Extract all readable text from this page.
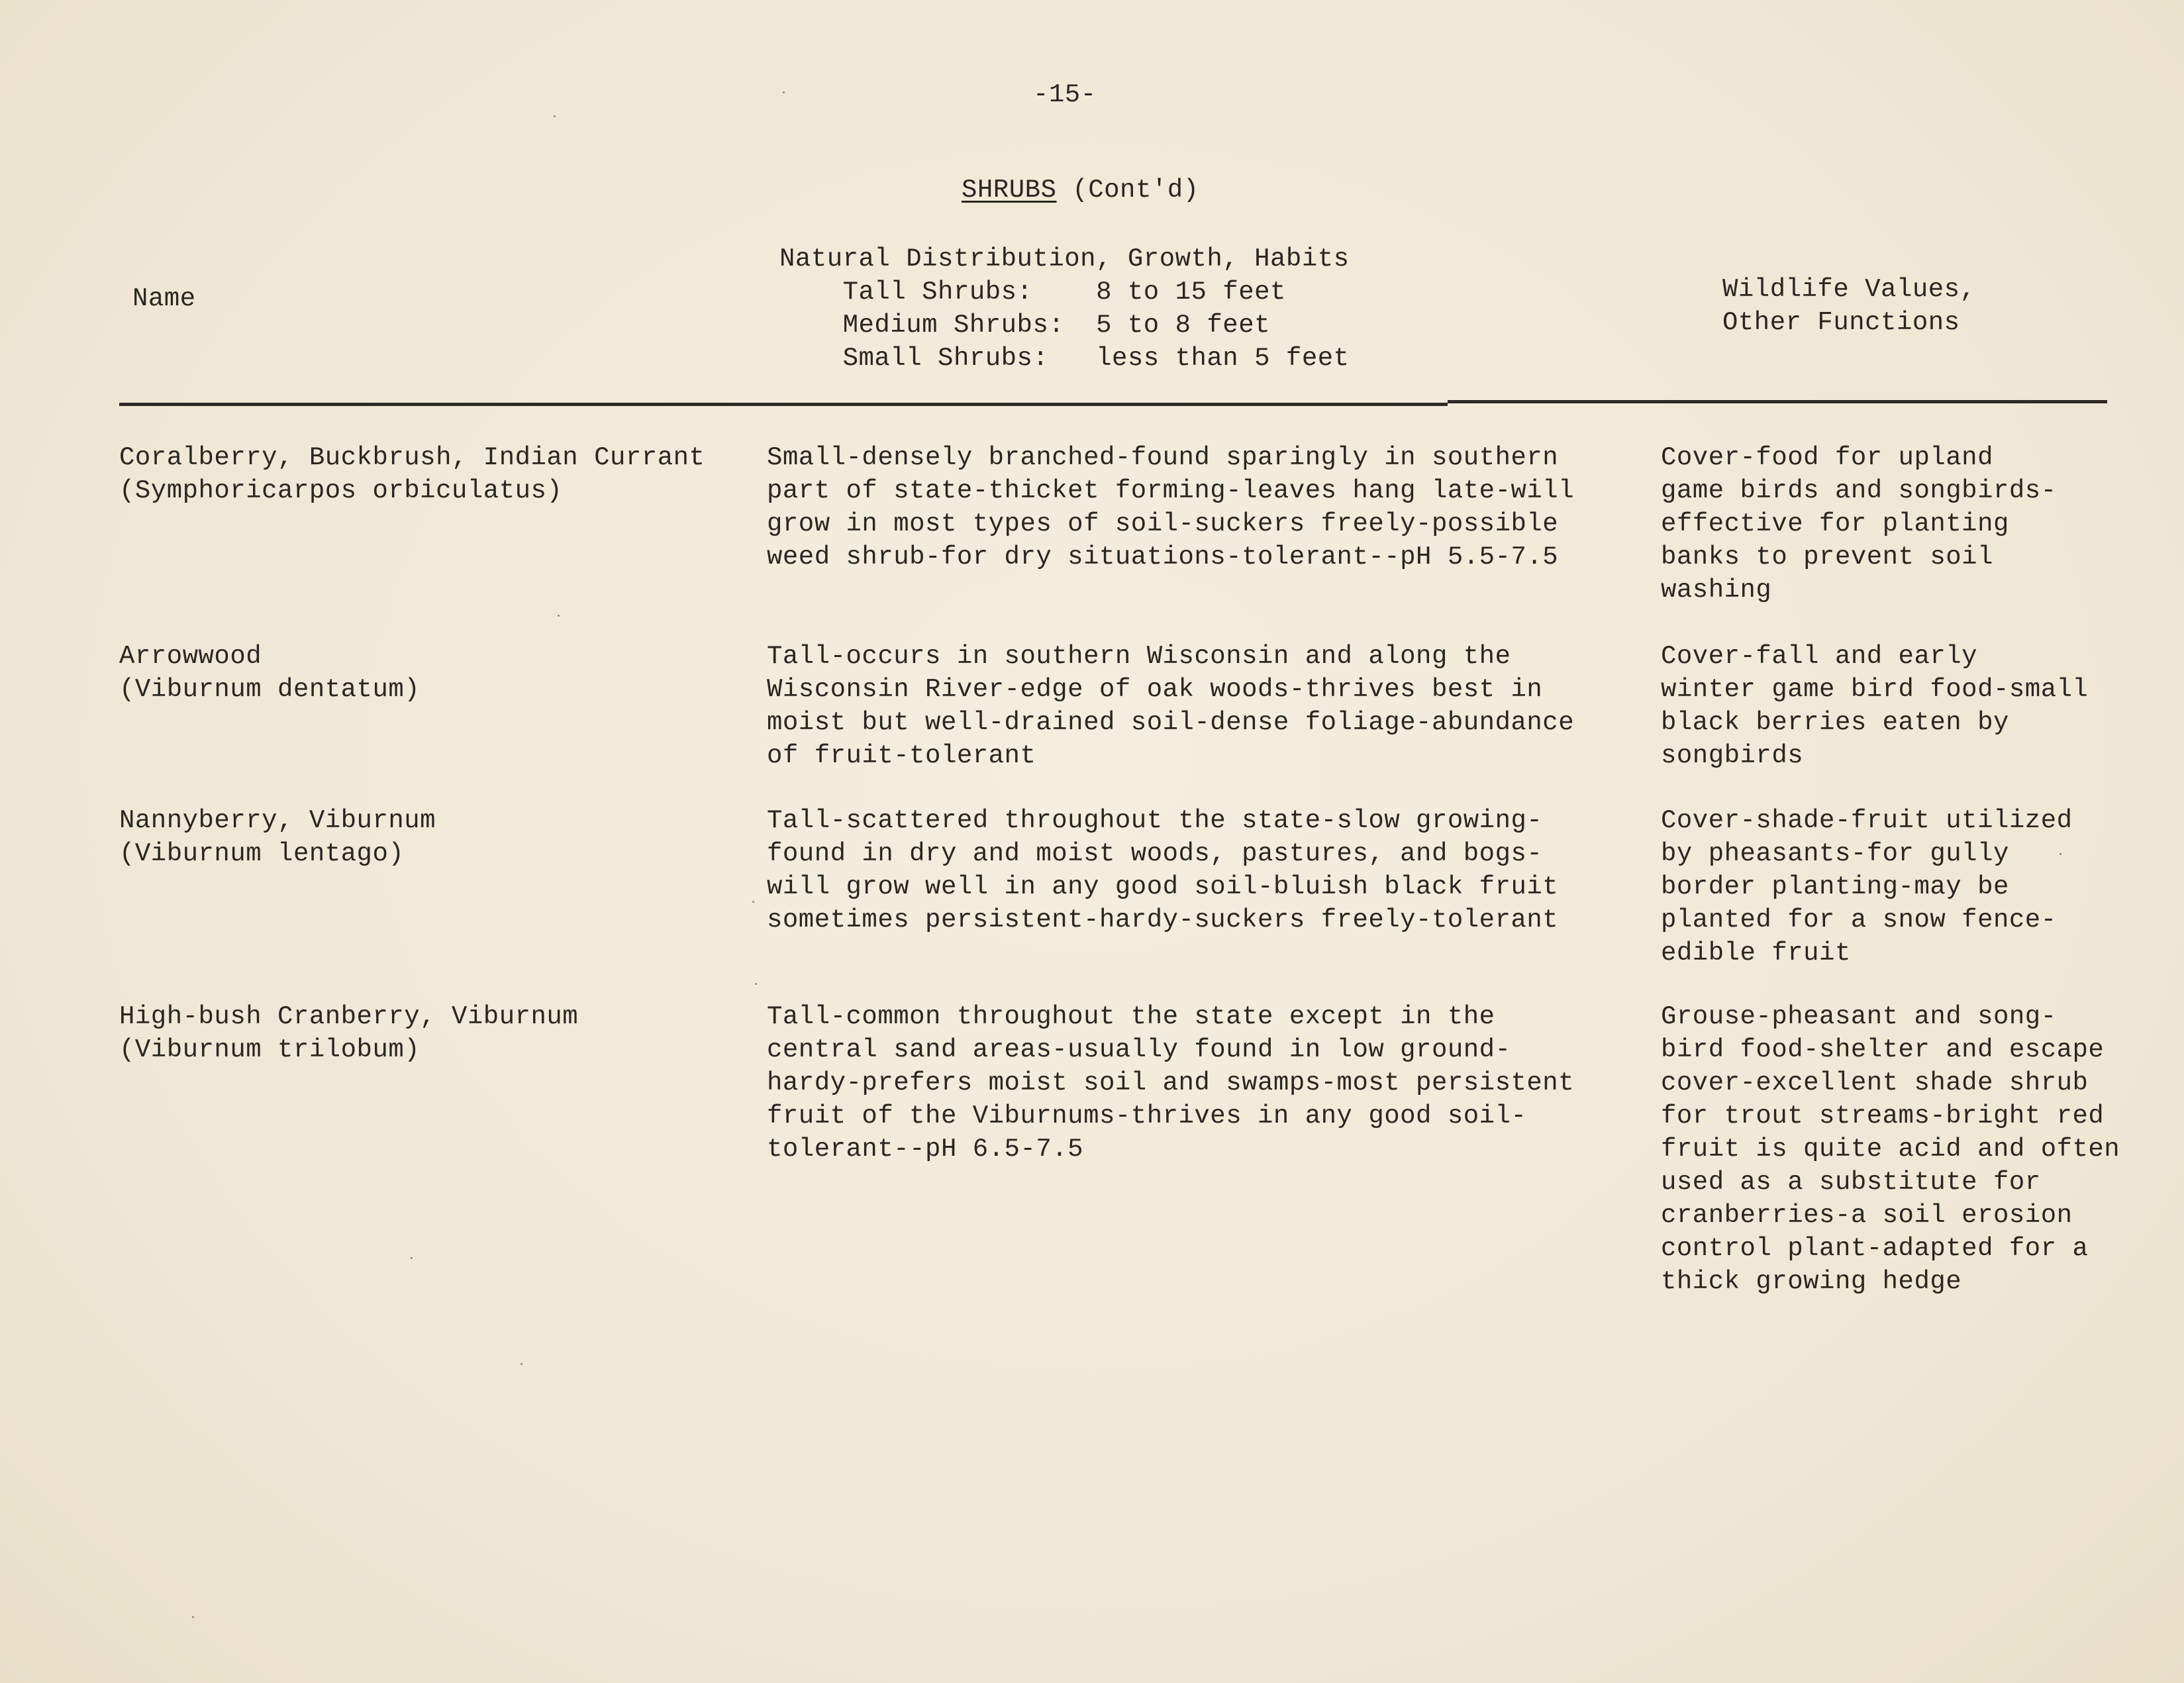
-15-
SHRUBS (Cont'd)
Name
Natural Distribution, Growth, Habits
Tall Shrubs:    8 to 15 feet
Medium Shrubs:  5 to 8 feet
Small Shrubs:   less than 5 feet
Wildlife Values,
Other Functions
Coralberry, Buckbrush, Indian Currant
(Symphoricarpos orbiculatus)
Small-densely branched-found sparingly in southern
part of state-thicket forming-leaves hang late-will
grow in most types of soil-suckers freely-possible
weed shrub-for dry situations-tolerant--pH 5.5-7.5
Cover-food for upland
game birds and songbirds-
effective for planting
banks to prevent soil
washing
Arrowwood
(Viburnum dentatum)
Tall-occurs in southern Wisconsin and along the
Wisconsin River-edge of oak woods-thrives best in
moist but well-drained soil-dense foliage-abundance
of fruit-tolerant
Cover-fall and early
winter game bird food-small
black berries eaten by
songbirds
Nannyberry, Viburnum
(Viburnum lentago)
Tall-scattered throughout the state-slow growing-
found in dry and moist woods, pastures, and bogs-
will grow well in any good soil-bluish black fruit
sometimes persistent-hardy-suckers freely-tolerant
Cover-shade-fruit utilized
by pheasants-for gully
border planting-may be
planted for a snow fence-
edible fruit
High-bush Cranberry, Viburnum
(Viburnum trilobum)
Tall-common throughout the state except in the
central sand areas-usually found in low ground-
hardy-prefers moist soil and swamps-most persistent
fruit of the Viburnums-thrives in any good soil-
tolerant--pH 6.5-7.5
Grouse-pheasant and song-
bird food-shelter and escape
cover-excellent shade shrub
for trout streams-bright red
fruit is quite acid and often
used as a substitute for
cranberries-a soil erosion
control plant-adapted for a
thick growing hedge
